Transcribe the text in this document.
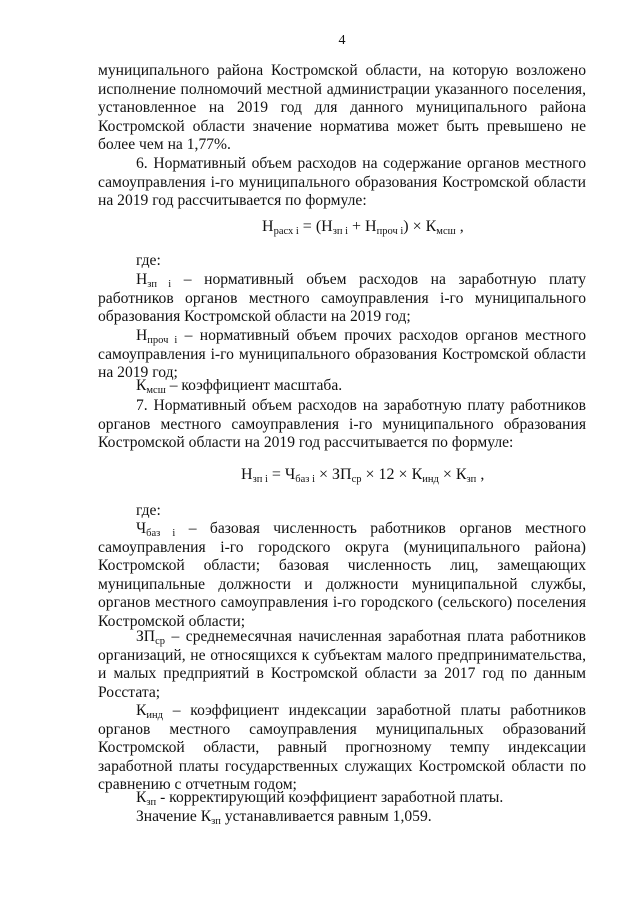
4

муниципального района Костромской области, на которую возложено исполнение полномочий местной администрации указанного поселения, установленное на 2019 год для данного муниципального района Костромской области значение норматива может быть превышено не более чем на 1,77%.

6. Нормативный объем расходов на содержание органов местного самоуправления i-го муниципального образования Костромской области на 2019 год рассчитывается по формуле:

$Н_{расх i} = (Н_{зп i} + Н_{проч i}) \times К_{мсш}$ ,
где:

$Н_{зп i}$ – нормативный объем расходов на заработную плату работников органов местного самоуправления i-го муниципального образования Костромской области на 2019 год;

$Н_{проч i}$ – нормативный объем прочих расходов органов местного самоуправления i-го муниципального образования Костромской области на 2019 год;

$К_{мсш}$ – коэффициент масштаба.

7. Нормативный объем расходов на заработную плату работников органов местного самоуправления i-го муниципального образования Костромской области на 2019 год рассчитывается по формуле:

$Н_{зп i} = Ч_{баз i} \times ЗП_{ср} \times 12 \times К_{инд} \times К_{зп}$ ,
где:

$Ч_{баз i}$ – базовая численность работников органов местного самоуправления i-го городского округа (муниципального района) Костромской области; базовая численность лиц, замещающих муниципальные должности и должности муниципальной службы, органов местного самоуправления i-го городского (сельского) поселения Костромской области;

$ЗП_{ср}$ – среднемесячная начисленная заработная плата работников организаций, не относящихся к субъектам малого предпринимательства, и малых предприятий в Костромской области за 2017 год по данным Росстата;

$К_{инд}$ – коэффициент индексации заработной платы работников органов местного самоуправления муниципальных образований Костромской области, равный прогнозному темпу индексации заработной платы государственных служащих Костромской области по сравнению с отчетным годом;

$К_{зп}$ - корректирующий коэффициент заработной платы.

Значение $К_{зп}$ устанавливается равным 1,059.
